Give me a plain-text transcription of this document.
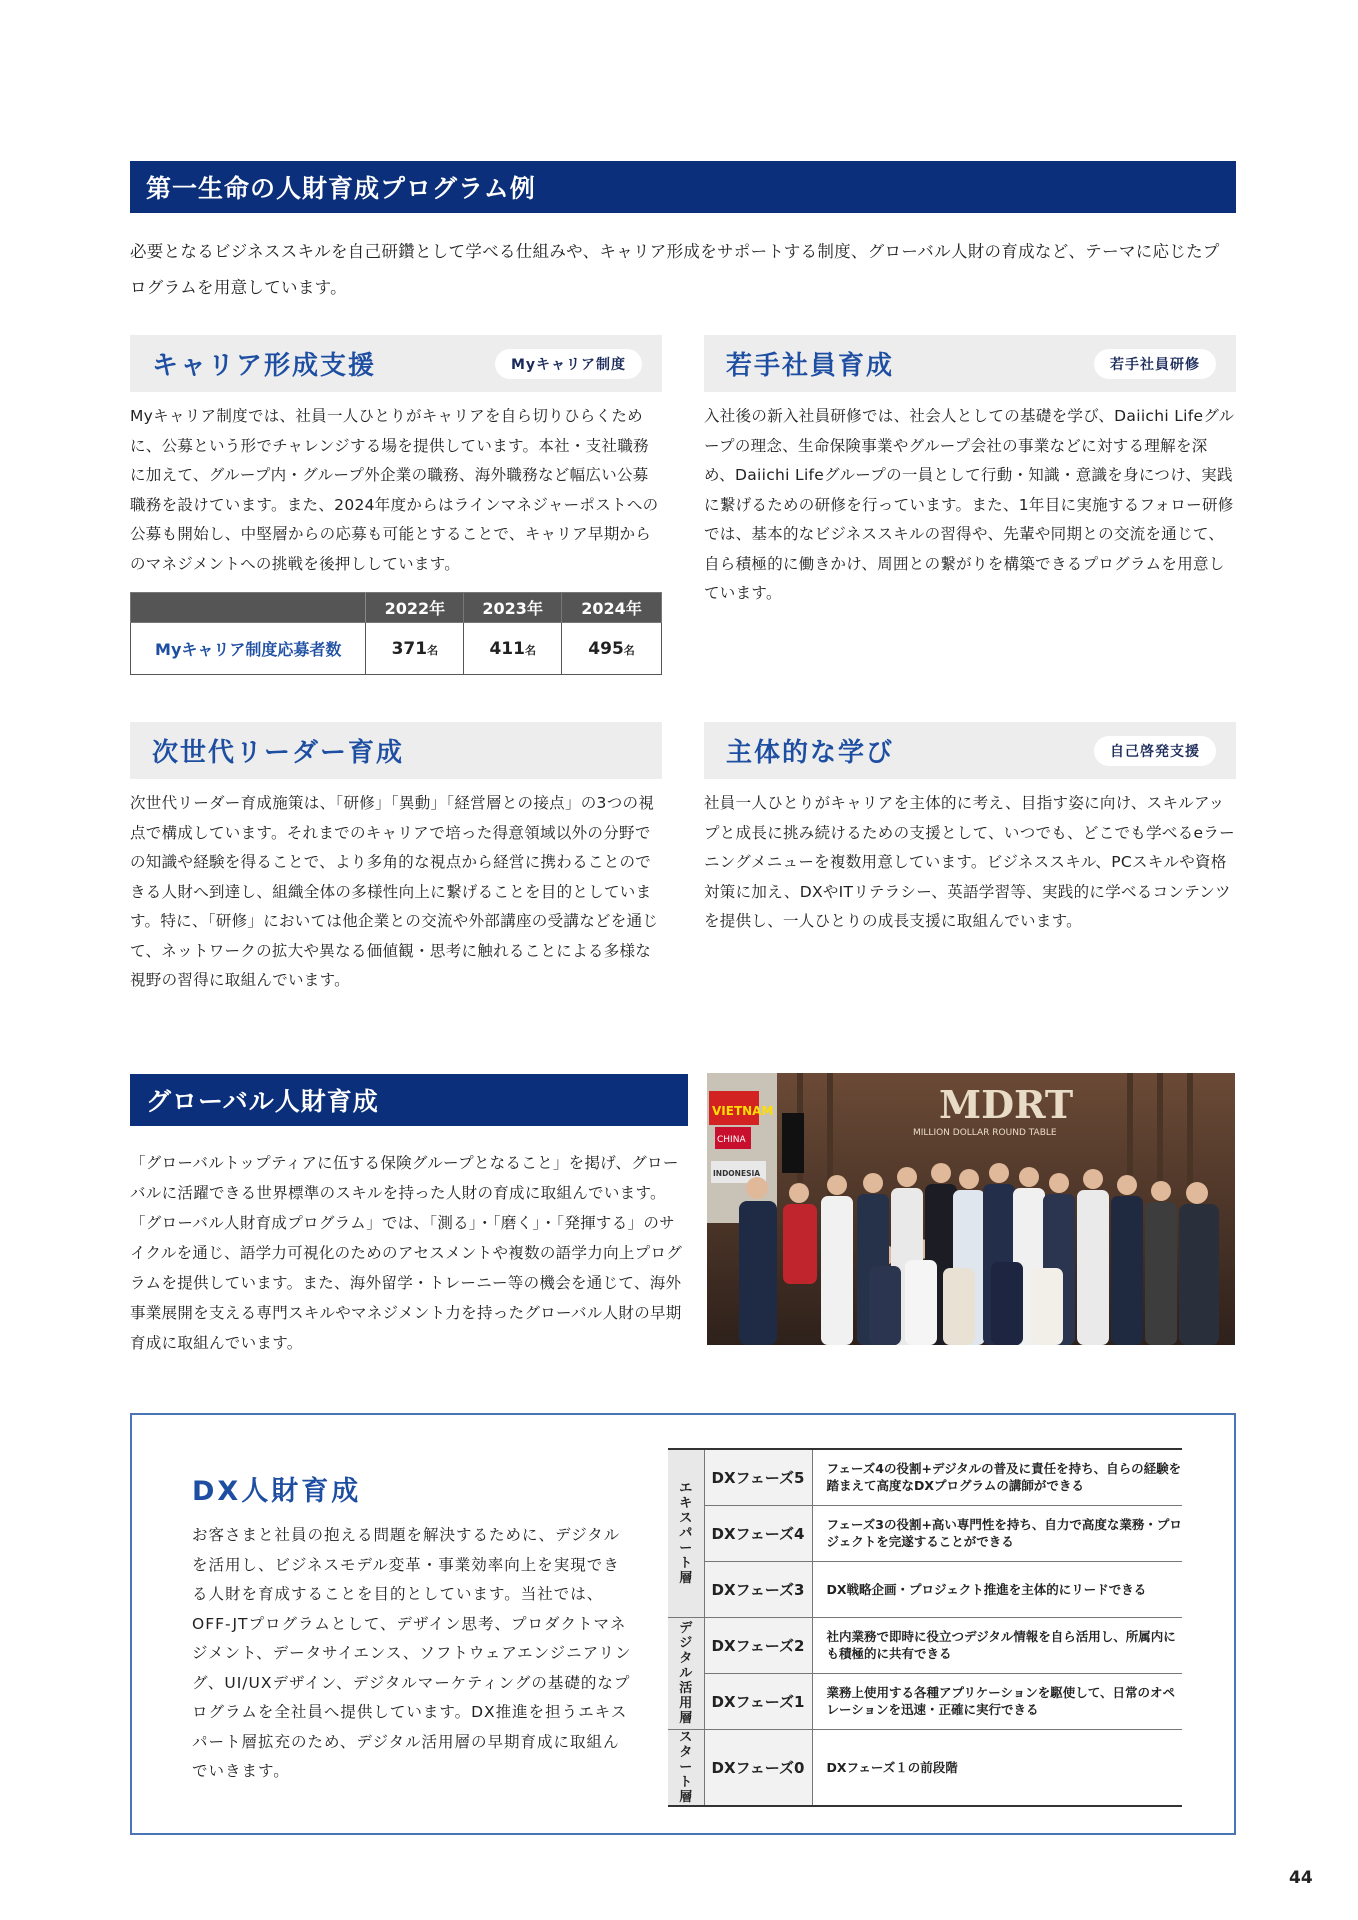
第一生命の人財育成プログラム例

必要となるビジネススキルを自己研鑽として学べる仕組みや、キャリア形成をサポートする制度、グローバル人財の育成など、テーマに応じたプログラムを用意しています。

キャリア形成支援	Myキャリア制度

Myキャリア制度では、社員一人ひとりがキャリアを自ら切りひらくために、公募という形でチャレンジする場を提供しています。本社・支社職務に加えて、グループ内・グループ外企業の職務、海外職務など幅広い公募職務を設けています。また、2024年度からはラインマネジャーポストへの公募も開始し、中堅層からの応募も可能とすることで、キャリア早期からのマネジメントへの挑戦を後押ししています。

	2022年	2023年	2024年
Myキャリア制度応募者数	371名	411名	495名
若手社員育成	若手社員研修

入社後の新入社員研修では、社会人としての基礎を学び、Daiichi Lifeグループの理念、生命保険事業やグループ会社の事業などに対する理解を深め、Daiichi Lifeグループの一員として行動・知識・意識を身につけ、実践に繋げるための研修を行っています。また、1年目に実施するフォロー研修では、基本的なビジネススキルの習得や、先輩や同期との交流を通じて、自ら積極的に働きかけ、周囲との繋がりを構築できるプログラムを用意しています。

次世代リーダー育成

次世代リーダー育成施策は、「研修」「異動」「経営層との接点」の3つの視点で構成しています。それまでのキャリアで培った得意領域以外の分野での知識や経験を得ることで、より多角的な視点から経営に携わることのできる人財へ到達し、組織全体の多様性向上に繋げることを目的としています。特に、「研修」においては他企業との交流や外部講座の受講などを通じて、ネットワークの拡大や異なる価値観・思考に触れることによる多様な視野の習得に取組んでいます。

主体的な学び	自己啓発支援

社員一人ひとりがキャリアを主体的に考え、目指す姿に向け、スキルアップと成長に挑み続けるための支援として、いつでも、どこでも学べるeラーニングメニューを複数用意しています。ビジネススキル、PCスキルや資格対策に加え、DXやITリテラシー、英語学習等、実践的に学べるコンテンツを提供し、一人ひとりの成長支援に取組んでいます。

グローバル人財育成

「グローバルトップティアに伍する保険グループとなること」を掲げ、グローバルに活躍できる世界標準のスキルを持った人財の育成に取組んでいます。「グローバル人財育成プログラム」では、「測る」・「磨く」・「発揮する」のサイクルを通じ、語学力可視化のためのアセスメントや複数の語学力向上プログラムを提供しています。また、海外留学・トレーニー等の機会を通じて、海外事業展開を支える専門スキルやマネジメント力を持ったグローバル人財の早期育成に取組んでいます。

VIETNAM
CHINA
INDONESIA
MDRT
MILLION DOLLAR ROUND TABLE
DX人財育成

お客さまと社員の抱える問題を解決するために、デジタルを活用し、ビジネスモデル変革・事業効率向上を実現できる人財を育成することを目的としています。当社では、OFF-JTプログラムとして、デザイン思考、プロダクトマネジメント、データサイエンス、ソフトウェアエンジニアリング、UI/UXデザイン、デジタルマーケティングの基礎的なプログラムを全社員へ提供しています。DX推進を担うエキスパート層拡充のため、デジタル活用層の早期育成に取組んでいきます。

エキスパート層	DXフェーズ5	フェーズ4の役割+デジタルの普及に責任を持ち、自らの経験を踏まえて高度なDXプログラムの講師ができる
	DXフェーズ4	フェーズ3の役割+高い専門性を持ち、自力で高度な業務・プロジェクトを完遂することができる
	DXフェーズ3	DX戦略企画・プロジェクト推進を主体的にリードできる
デジタル活用層	DXフェーズ2	社内業務で即時に役立つデジタル情報を自ら活用し、所属内にも積極的に共有できる
	DXフェーズ1	業務上使用する各種アプリケーションを駆使して、日常のオペレーションを迅速・正確に実行できる
スタート層	DXフェーズ0	DXフェーズ１の前段階
44
